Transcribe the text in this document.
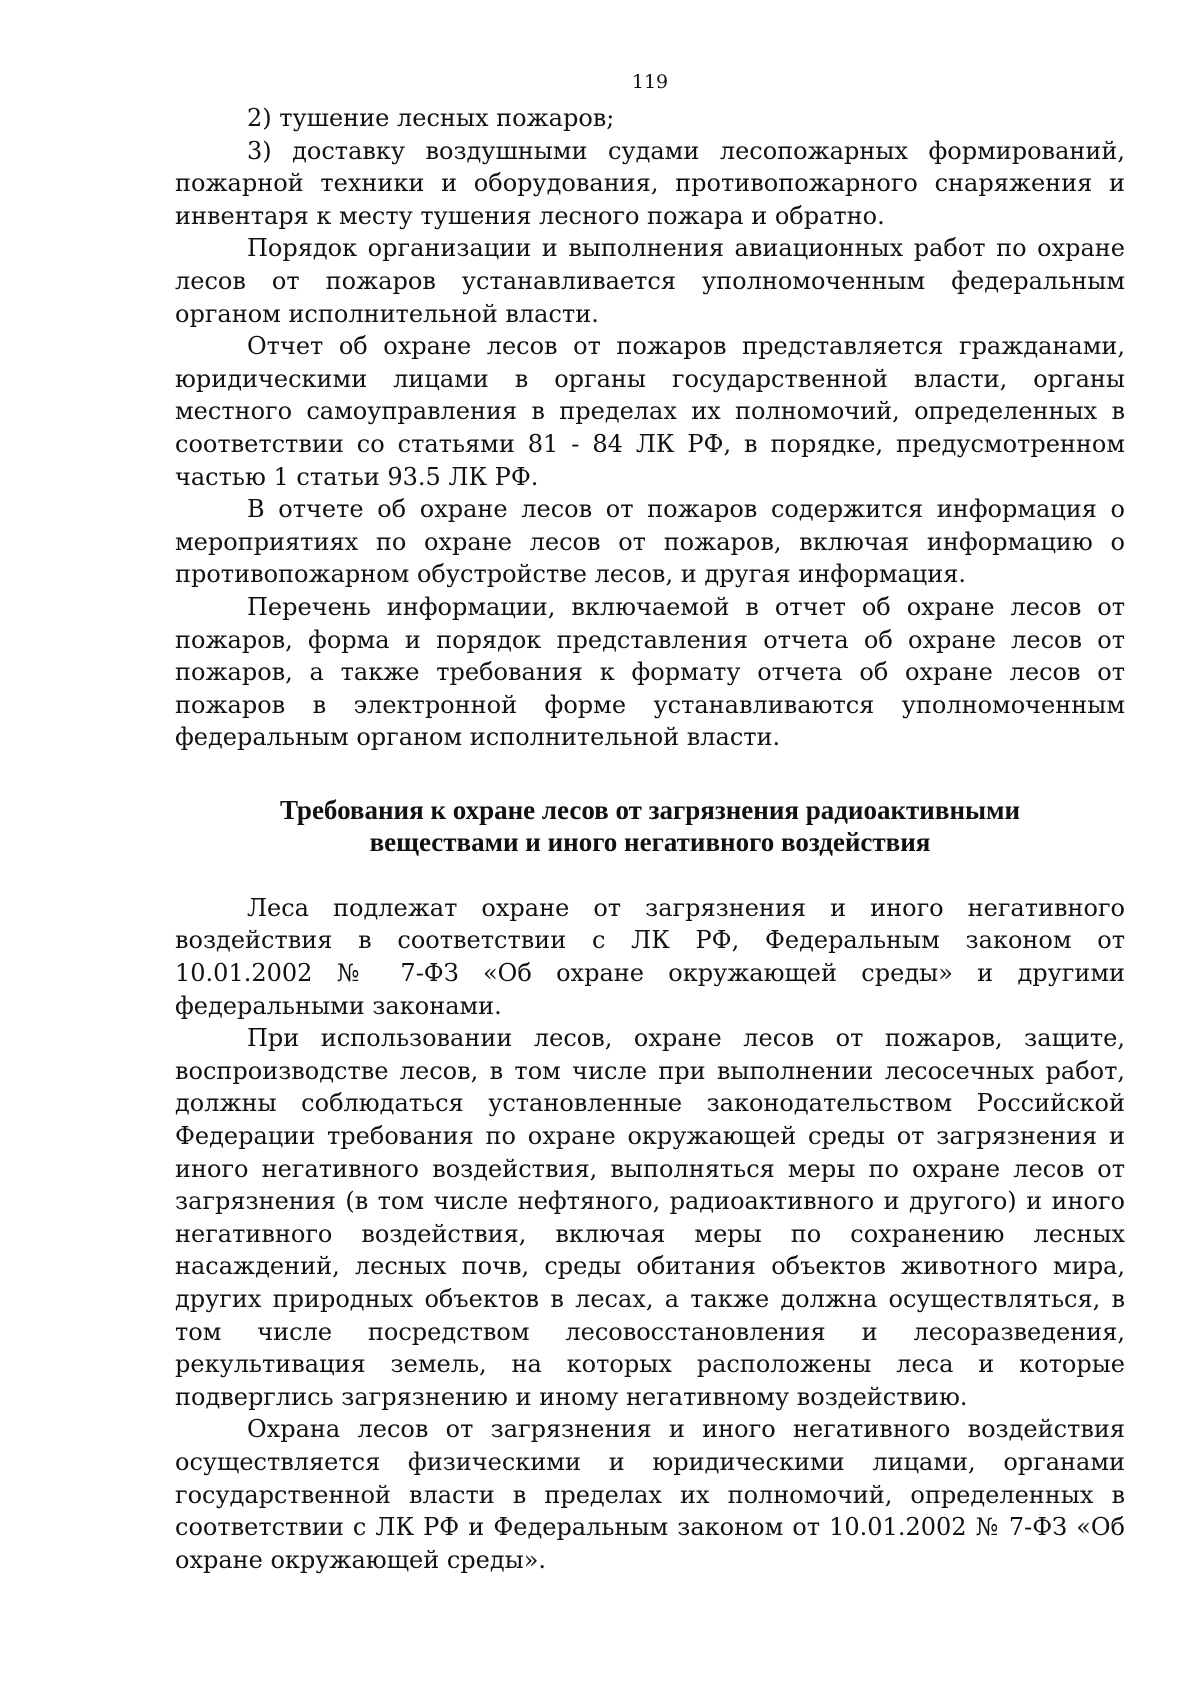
119

2) тушение лесных пожаров;

3) доставку воздушными судами лесопожарных формирований, пожарной техники и оборудования, противопожарного снаряжения и инвентаря к месту тушения лесного пожара и обратно.

Порядок организации и выполнения авиационных работ по охране лесов от пожаров устанавливается уполномоченным федеральным органом исполнительной власти.

Отчет об охране лесов от пожаров представляется гражданами, юридическими лицами в органы государственной власти, органы местного самоуправления в пределах их полномочий, определенных в соответствии со статьями 81 - 84 ЛК РФ, в порядке, предусмотренном частью 1 статьи 93.5 ЛК РФ.

В отчете об охране лесов от пожаров содержится информация о мероприятиях по охране лесов от пожаров, включая информацию о противопожарном обустройстве лесов, и другая информация.

Перечень информации, включаемой в отчет об охране лесов от пожаров, форма и порядок представления отчета об охране лесов от пожаров, а также требования к формату отчета об охране лесов от пожаров в электронной форме устанавливаются уполномоченным федеральным органом исполнительной власти.

Требования к охране лесов от загрязнения радиоактивными
веществами и иного негативного воздействия

Леса подлежат охране от загрязнения и иного негативного воздействия в соответствии с ЛК РФ, Федеральным законом от 10.01.2002 № 7-ФЗ «Об охране окружающей среды» и другими федеральными законами.

При использовании лесов, охране лесов от пожаров, защите, воспроизводстве лесов, в том числе при выполнении лесосечных работ, должны соблюдаться установленные законодательством Российской Федерации требования по охране окружающей среды от загрязнения и иного негативного воздействия, выполняться меры по охране лесов от загрязнения (в том числе нефтяного, радиоактивного и другого) и иного негативного воздействия, включая меры по сохранению лесных насаждений, лесных почв, среды обитания объектов животного мира, других природных объектов в лесах, а также должна осуществляться, в том числе посредством лесовосстановления и лесоразведения, рекультивация земель, на которых расположены леса и которые подверглись загрязнению и иному негативному воздействию.

Охрана лесов от загрязнения и иного негативного воздействия осуществляется физическими и юридическими лицами, органами государственной власти в пределах их полномочий, определенных в соответствии с ЛК РФ и Федеральным законом от 10.01.2002 № 7-ФЗ «Об охране окружающей среды».
